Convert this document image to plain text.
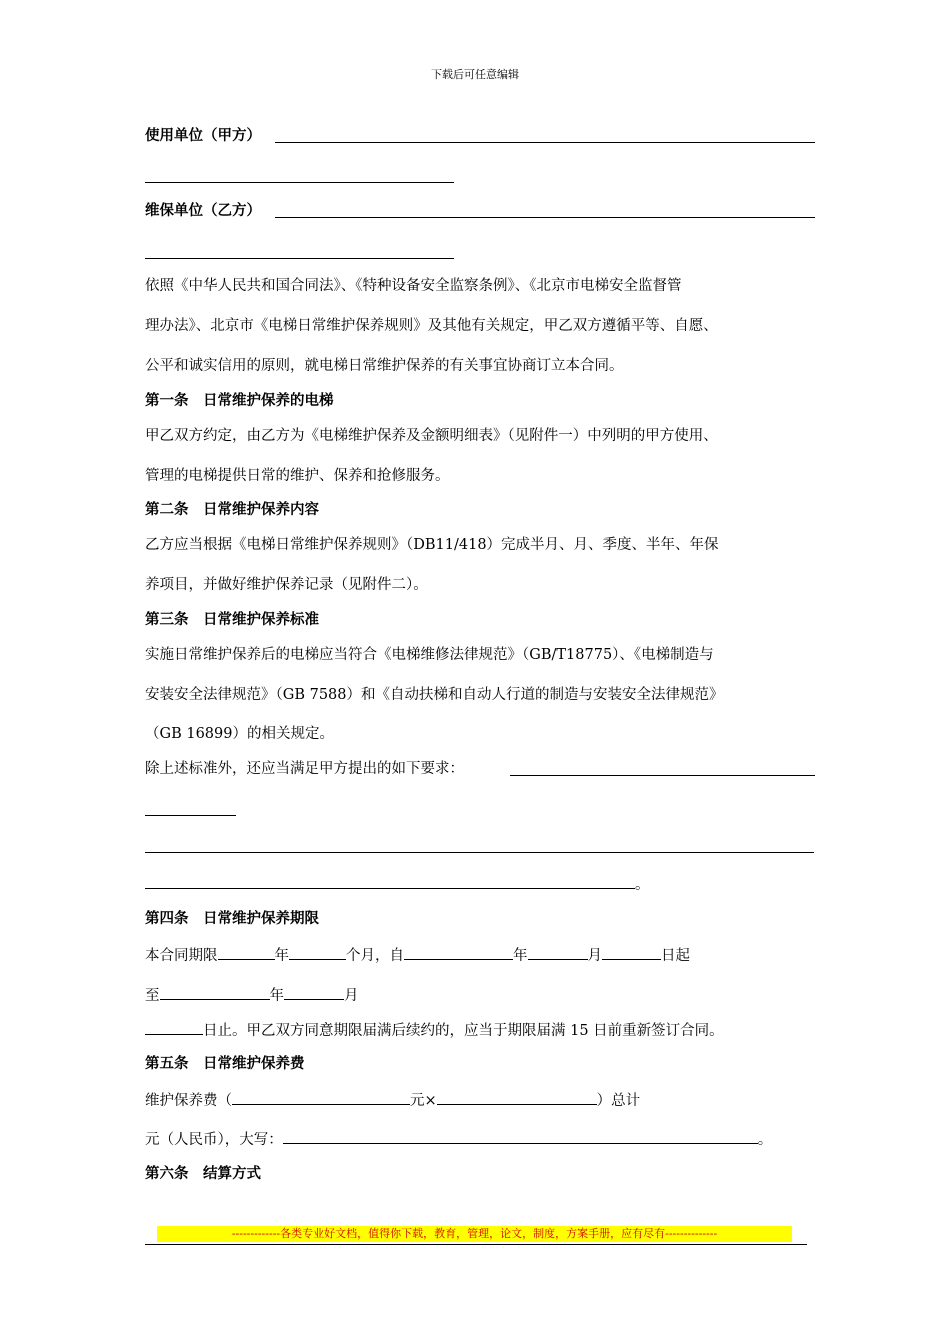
下载后可任意编辑
使用单位（甲方）
维保单位（乙方）
依照《中华人民共和国合同法》、《特种设备安全监察条例》、《北京市电梯安全监督管
理办法》、北京市《电梯日常维护保养规则》及其他有关规定，甲乙双方遵循平等、自愿、
公平和诚实信用的原则，就电梯日常维护保养的有关事宜协商订立本合同。
第一条　日常维护保养的电梯
甲乙双方约定，由乙方为《电梯维护保养及金额明细表》（见附件一）中列明的甲方使用、
管理的电梯提供日常的维护、保养和抢修服务。
第二条　日常维护保养内容
乙方应当根据《电梯日常维护保养规则》（DB11/418）完成半月、月、季度、半年、年保
养项目，并做好维护保养记录（见附件二）。
第三条　日常维护保养标准
实施日常维护保养后的电梯应当符合《电梯维修法律规范》（GB/T18775）、《电梯制造与
安装安全法律规范》（GB 7588）和《自动扶梯和自动人行道的制造与安装安全法律规范》
（GB 16899）的相关规定。
除上述标准外，还应当满足甲方提出的如下要求：
。
第四条　日常维护保养期限
本合同期限	年	个月，自	年	月	日起
至	年	月
日止。甲乙双方同意期限届满后续约的，应当于期限届满 15 日前重新签订合同。
第五条　日常维护保养费
维护保养费（	元×	）总计
元（人民币），大写：	。
第六条　结算方式
-------------各类专业好文档，值得你下载，教育，管理，论文，制度，方案手册，应有尽有--------------
